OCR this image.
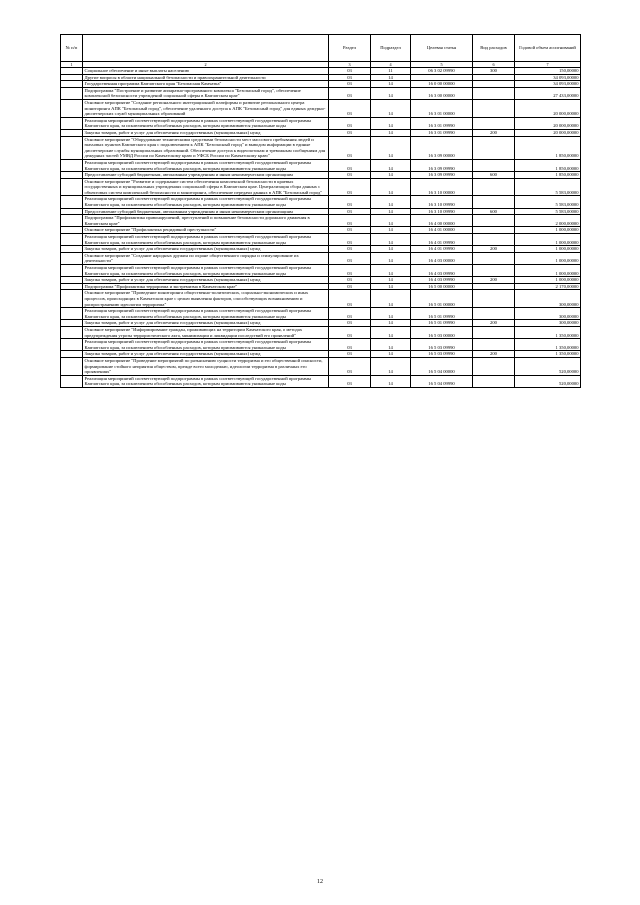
№ п/п		Раздел	Подраздел	Целевая статья	Вид расходов	Годовой объем ассигнований
1	2	3	4	5	6	7
	Социальное обеспечение и иные выплаты населению	03	11	06 3 02 09990	300	150,00000
	Другие вопросы в области национальной безопасности и правоохранительной деятельности	03	14			34 093,00000
	Государственная программа Камчатского края "Безопасная Камчатка"	03	14	16 0 00 00000		34 093,00000
	Подпрограмма "Построение и развитие аппаратно-программного комплекса "Безопасный город", обеспечение комплексной безопасности учреждений социальной сферы в Камчатском крае"	03	14	16 3 00 00000		27 433,00000
	Основное мероприятие "Создание регионального интеграционной платформы и развитие регионального центра мониторинга АПК "Безопасный город", обеспечение удаленного доступа к АПК "Безопасный город" для единых дежурно-диспетчерских служб муниципальных образований	03	14	16 3 01 00000		20 000,00000
	Реализация мероприятий соответствующей подпрограммы в рамках соответствующей государственной программы Камчатского края, за исключением обособленных расходов, которым присваиваются уникальные коды	03	14	16 3 01 09990		20 000,00000
	Закупка товаров, работ и услуг для обеспечения государственных (муниципальных) нужд	03	14	16 3 01 09990	200	20 000,00000
	Основное мероприятие "Оборудование техническими средствами безопасности мест массового пребывания людей и massовых пунктов Камчатского края с подключением к АПК "Безопасный город" и выводом информации в единые диспетчерские службы муниципальных образований. Обеспечение доступа к видеопотокам и тревожным сообщениям для дежурных частей УМВД России по Камчатскому краю и УФСБ России по Камчатскому краю"	03	14	16 3 09 00000		1 850,00000
	Реализация мероприятий соответствующей подпрограммы в рамках соответствующей государственной программы Камчатского края, за исключением обособленных расходов, которым присваиваются уникальные коды	03	14	16 3 09 09990		1 850,00000
	Предоставление субсидий бюджетным, автономным учреждениям и иным некоммерческим организациям	03	14	16 3 09 09990	600	1 850,00000
	Основное мероприятие "Развитие и содержание систем обеспечения комплексной безопасности в краевых государственных и муниципальных учреждениях социальной сферы в Камчатском крае. Централизация сбора данных с объектовых систем комплексной безопасности и мониторинга, обеспечение передачи данных в АПК "Безопасный город"	03	14	16 3 10 00000		5 583,00000
	Реализация мероприятий соответствующей подпрограммы в рамках соответствующей государственной программы Камчатского края, за исключением обособленных расходов, которым присваиваются уникальные коды	03	14	16 3 10 09990		5 583,00000
	Предоставление субсидий бюджетным, автономным учреждениям и иным некоммерческим организациям	03	14	16 3 10 09990	600	5 583,00000
	Подпрограмма "Профилактика правонарушений, преступлений и повышение безопасности дорожного движения в Камчатском крае"	03	14	16 4 00 00000		2 000,00000
	Основное мероприятие "Профилактика рецидивной преступности"	03	14	16 4 01 00000		1 000,00000
	Реализация мероприятий соответствующей подпрограммы в рамках соответствующей государственной программы Камчатского края, за исключением обособленных расходов, которым присваиваются уникальные коды	03	14	16 4 01 09990		1 000,00000
	Закупка товаров, работ и услуг для обеспечения государственных (муниципальных) нужд	03	14	16 4 01 09990	200	1 000,00000
	Основное мероприятие "Создание народных дружин по охране общественного порядка и стимулирование их деятельности"	03	14	16 4 03 00000		1 000,00000
	Реализация мероприятий соответствующей подпрограммы в рамках соответствующей государственной программы Камчатского края, за исключением обособленных расходов, которым присваиваются уникальные коды	03	14	16 4 03 09990		1 000,00000
	Закупка товаров, работ и услуг для обеспечения государственных (муниципальных) нужд	03	14	16 4 03 09990	200	1 000,00000
	Подпрограмма "Профилактика терроризма и экстремизма в Камчатском крае"	03	14	16 5 00 00000		2 170,00000
	Основное мероприятие "Проведение мониторинга общественно-политических, социально-экономических и иных процессов, происходящих в Камчатском крае с целью выявления факторов, способствующих возникновению и распространению идеологии терроризма"	03	14	16 5 01 00000		300,00000
	Реализация мероприятий соответствующей подпрограммы в рамках соответствующей государственной программы Камчатского края, за исключением обособленных расходов, которым присваиваются уникальные коды	03	14	16 5 01 09990		300,00000
	Закупка товаров, работ и услуг для обеспечения государственных (муниципальных) нужд	03	14	16 5 01 09990	200	300,00000
	Основное мероприятие "Информирование граждан, проживающих на территории Камчатского края, о методах предупреждения угрозы террористического акта, минимизации и ликвидации последствий его проявлений"	03	14	16 5 03 00000		1 350,00000
	Реализация мероприятий соответствующей подпрограммы в рамках соответствующей государственной программы Камчатского края, за исключением обособленных расходов, которым присваиваются уникальные коды	03	14	16 5 03 09990		1 350,00000
	Закупка товаров, работ и услуг для обеспечения государственных (муниципальных) нужд	03	14	16 5 03 09990	200	1 350,00000
	Основное мероприятие "Проведение мероприятий по разъяснению сущности терроризма и его общественной опасности, формирование стойкого неприятия обществом, прежде всего молодежью, идеологии терроризма в различных его проявлениях"	03	14	16 5 04 00000		520,00000
	Реализация мероприятий соответствующей подпрограммы в рамках соответствующей государственной программы Камчатского края, за исключением обособленных расходов, которым присваиваются уникальные коды	03	14	16 5 04 09990		520,00000
12
